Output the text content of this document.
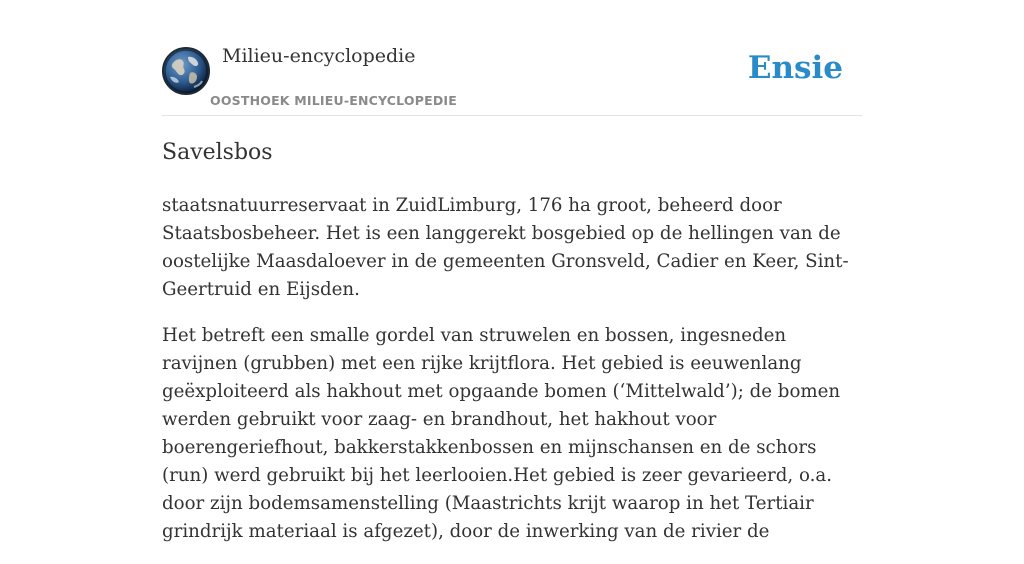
Milieu-encyclopedie
OOSTHOEK MILIEU-ENCYCLOPEDIE
Ensie
Savelsbos

staatsnatuurreservaat in ZuidLimburg, 176 ha groot, beheerd door Staatsbosbeheer. Het is een langgerekt bosgebied op de hellingen van de oostelijke Maasdaloever in de gemeenten Gronsveld, Cadier en Keer, Sint-Geertruid en Eijsden.

Het betreft een smalle gordel van struwelen en bossen, ingesneden ravijnen (grubben) met een rijke krijtflora. Het gebied is eeuwenlang geëxploiteerd als hakhout met opgaande bomen (‘Mittelwald’); de bomen werden gebruikt voor zaag- en brandhout, het hakhout voor boerengeriefhout, bakkerstakkenbossen en mijnschansen en de schors (run) werd gebruikt bij het leerlooien.Het gebied is zeer gevarieerd, o.a. door zijn bodemsamenstelling (Maastrichts krijt waarop in het Tertiair grindrijk materiaal is afgezet), door de inwerking van de rivier de
